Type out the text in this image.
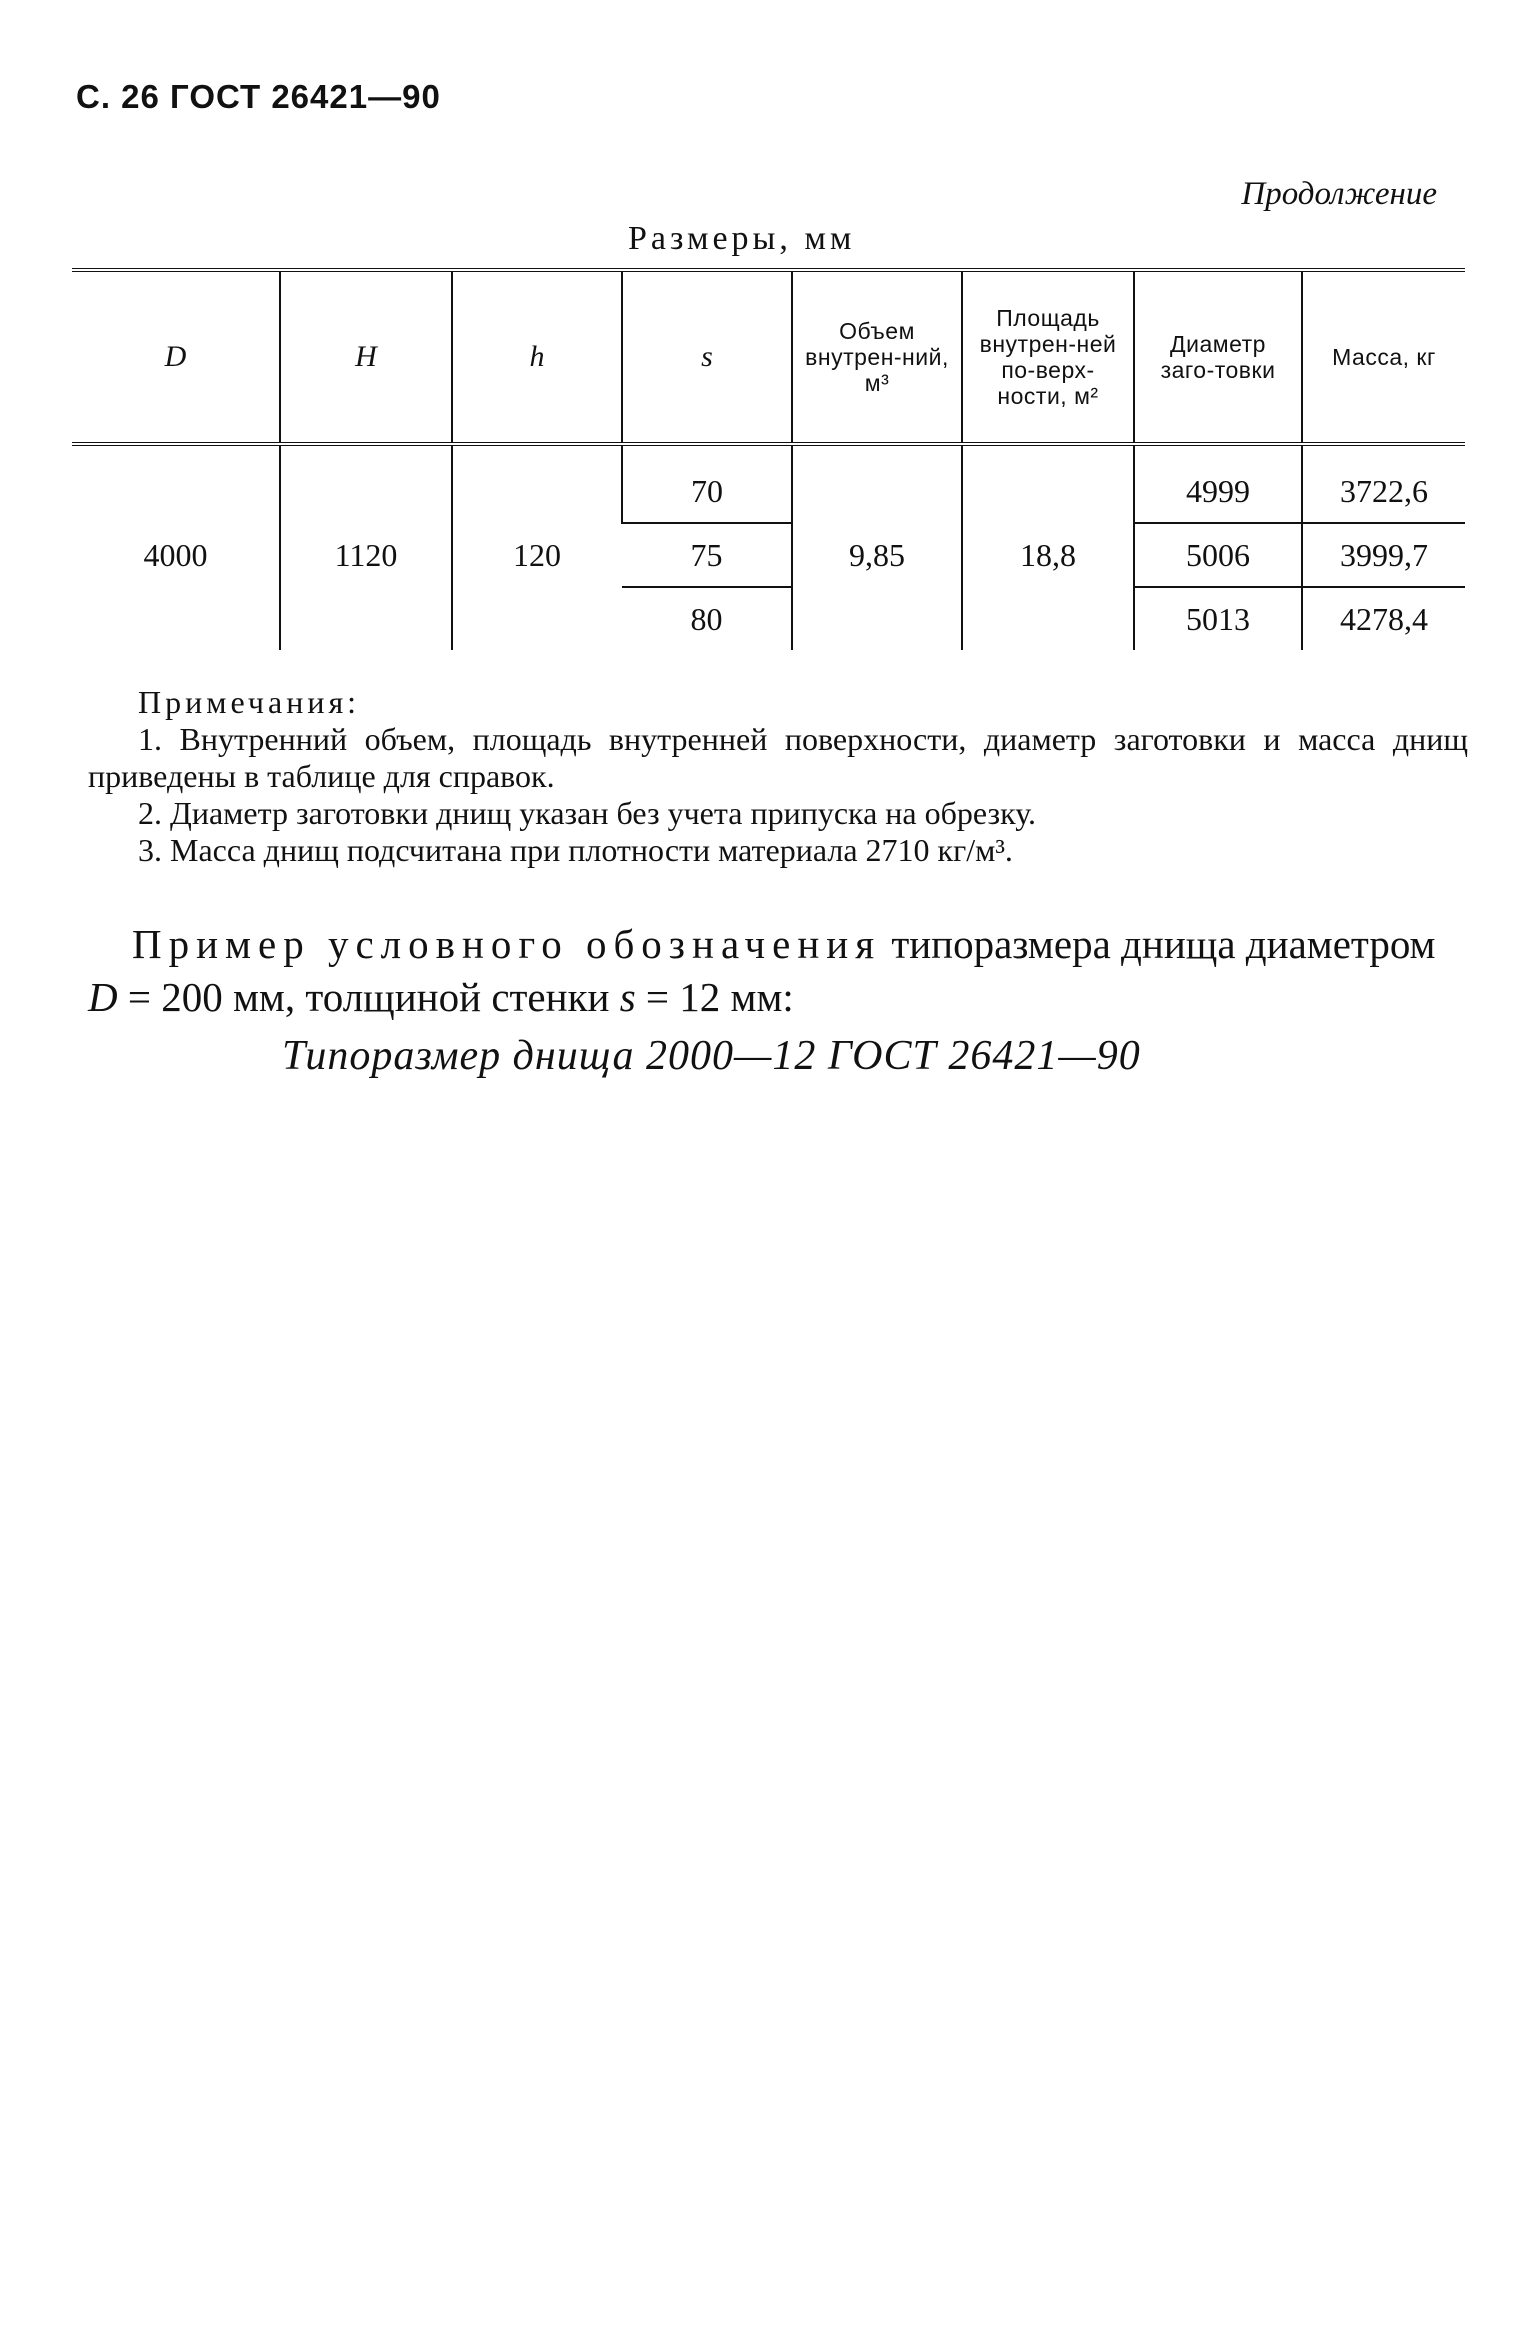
С. 26 ГОСТ 26421—90
Продолжение
Размеры, мм
D	H	h	s	Объем внутрен-ний, м³	Площадь внутрен-ней по-верх-ности, м²	Диаметр заго-товки	Масса, кг
4000	1120	120	70	9,85	18,8	4999	3722,6
			75			5006	3999,7
			80			5013	4278,4
Примечания:

1. Внутренний объем, площадь внутренней поверхности, диаметр заготовки и масса днищ приведены в таблице для справок.

2. Диаметр заготовки днищ указан без учета припуска на обрезку.

3. Масса днищ подсчитана при плотности материала 2710 кг/м³.

Пример условного обозначения типоразмера днища диаметром D = 200 мм, толщиной стенки s = 12 мм:
Типоразмер днища 2000—12 ГОСТ 26421—90
